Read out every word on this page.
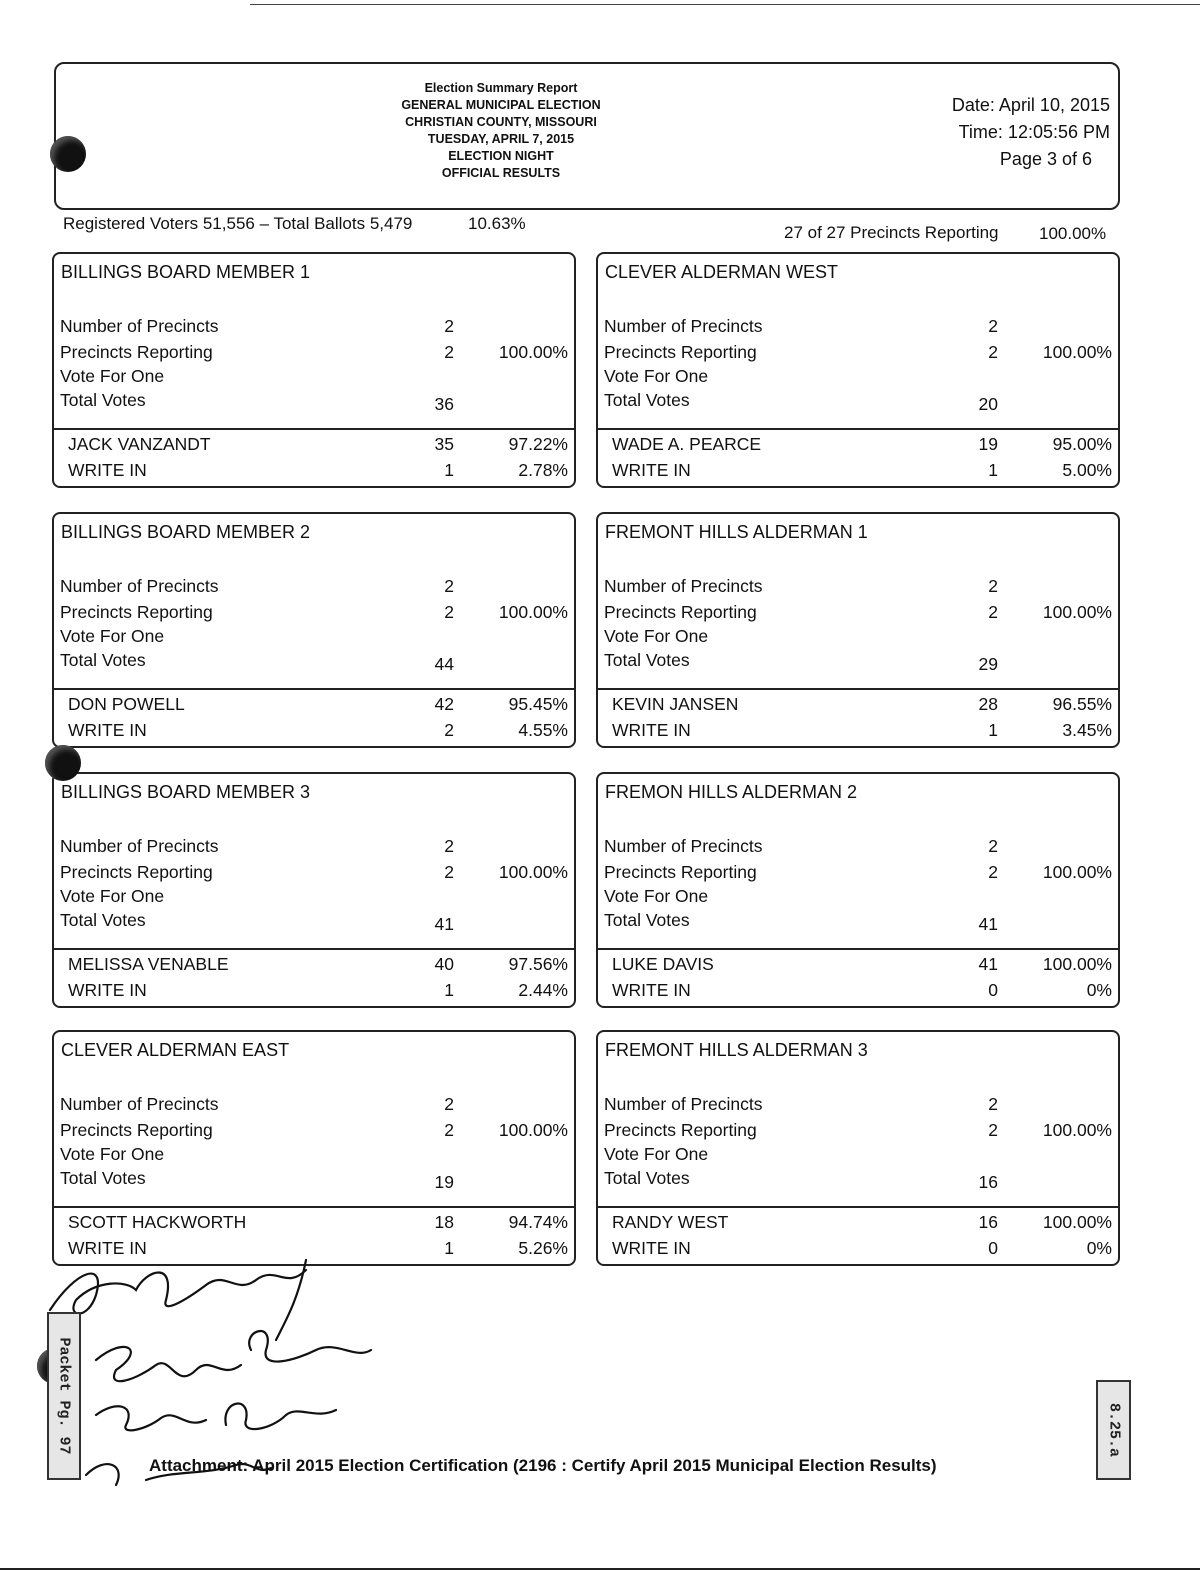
Election Summary Report
GENERAL MUNICIPAL ELECTION
CHRISTIAN COUNTY, MISSOURI
TUESDAY, APRIL 7, 2015
ELECTION NIGHT
OFFICIAL RESULTS
Date: April 10, 2015
Time: 12:05:56 PM
Page 3 of 6
Registered Voters 51,556 – Total Ballots 5,479	10.63%	27 of 27 Precincts Reporting 100.00%
BILLINGS BOARD MEMBER 1
Number of Precincts	2
Precincts Reporting	2	100.00%
Vote For One
Total Votes	36
JACK VANZANDT	35	97.22%
WRITE IN	1	2.78%
CLEVER ALDERMAN WEST
Number of Precincts	2
Precincts Reporting	2	100.00%
Vote For One
Total Votes	20
WADE A. PEARCE	19	95.00%
WRITE IN	1	5.00%
BILLINGS BOARD MEMBER 2
Number of Precincts	2
Precincts Reporting	2	100.00%
Vote For One
Total Votes	44
DON POWELL	42	95.45%
WRITE IN	2	4.55%
FREMONT HILLS ALDERMAN 1
Number of Precincts	2
Precincts Reporting	2	100.00%
Vote For One
Total Votes	29
KEVIN JANSEN	28	96.55%
WRITE IN	1	3.45%
BILLINGS BOARD MEMBER 3
Number of Precincts	2
Precincts Reporting	2	100.00%
Vote For One
Total Votes	41
MELISSA VENABLE	40	97.56%
WRITE IN	1	2.44%
FREMON HILLS ALDERMAN 2
Number of Precincts	2
Precincts Reporting	2	100.00%
Vote For One
Total Votes	41
LUKE DAVIS	41	100.00%
WRITE IN	0	0%
CLEVER ALDERMAN EAST
Number of Precincts	2
Precincts Reporting	2	100.00%
Vote For One
Total Votes	19
SCOTT HACKWORTH	18	94.74%
WRITE IN	1	5.26%
FREMONT HILLS ALDERMAN 3
Number of Precincts	2
Precincts Reporting	2	100.00%
Vote For One
Total Votes	16
RANDY WEST	16	100.00%
WRITE IN	0	0%
Packet Pg. 97	8.25.a
Attachment: April 2015 Election Certification (2196 : Certify April 2015 Municipal Election Results)
